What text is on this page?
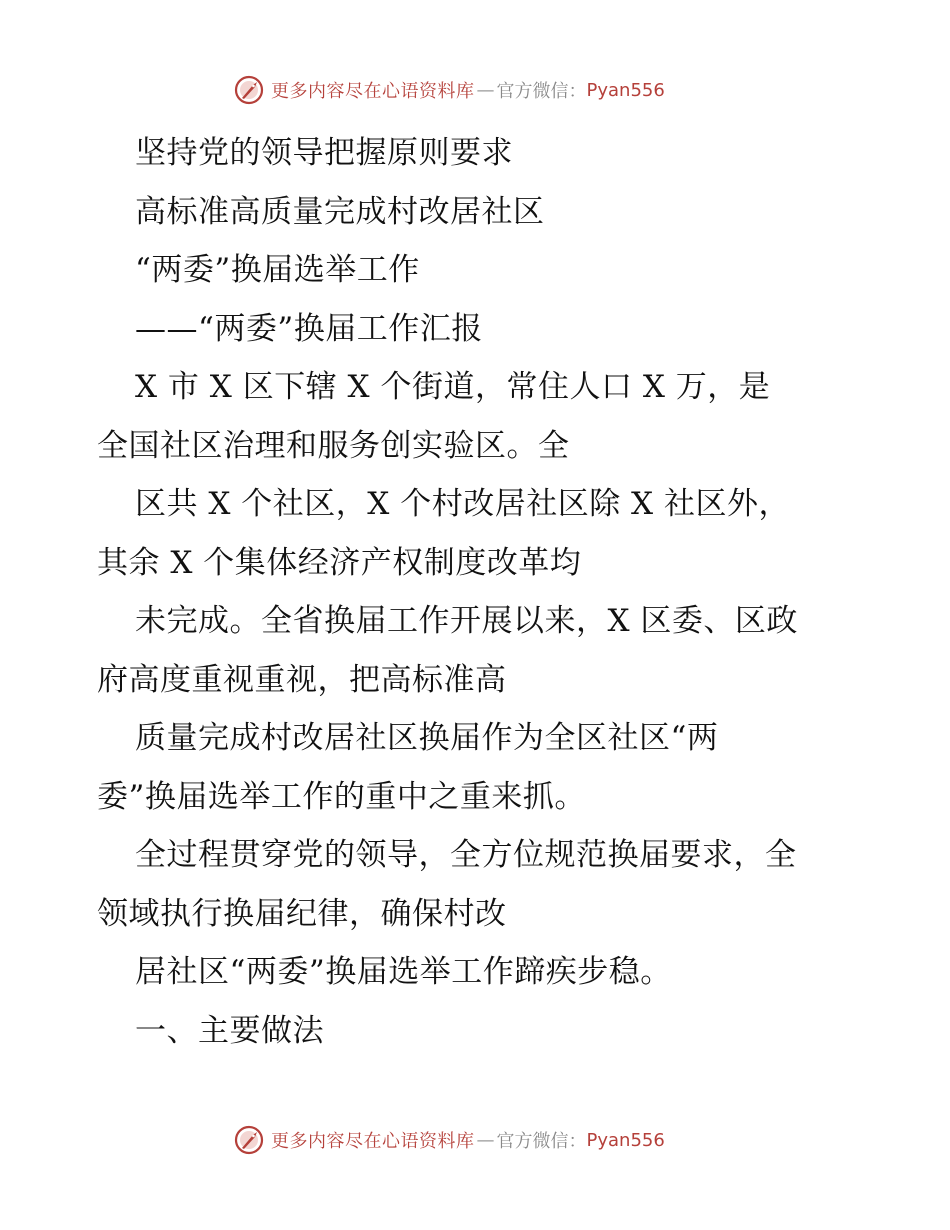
更多内容尽在心语资料库 — 官方微信： Pyan556
坚持党的领导把握原则要求
高标准高质量完成村改居社区
“两委”换届选举工作
——“两委”换届工作汇报
X 市 X 区下辖 X 个街道，常住人口 X 万，是
全国社区治理和服务创实验区。全
区共 X 个社区，X 个村改居社区除 X 社区外，
其余 X 个集体经济产权制度改革均
未完成。全省换届工作开展以来，X 区委、区政
府高度重视重视，把高标准高
质量完成村改居社区换届作为全区社区“两
委”换届选举工作的重中之重来抓。
全过程贯穿党的领导，全方位规范换届要求，全
领域执行换届纪律，确保村改
居社区“两委”换届选举工作蹄疾步稳。
一、主要做法
更多内容尽在心语资料库 — 官方微信： Pyan556
